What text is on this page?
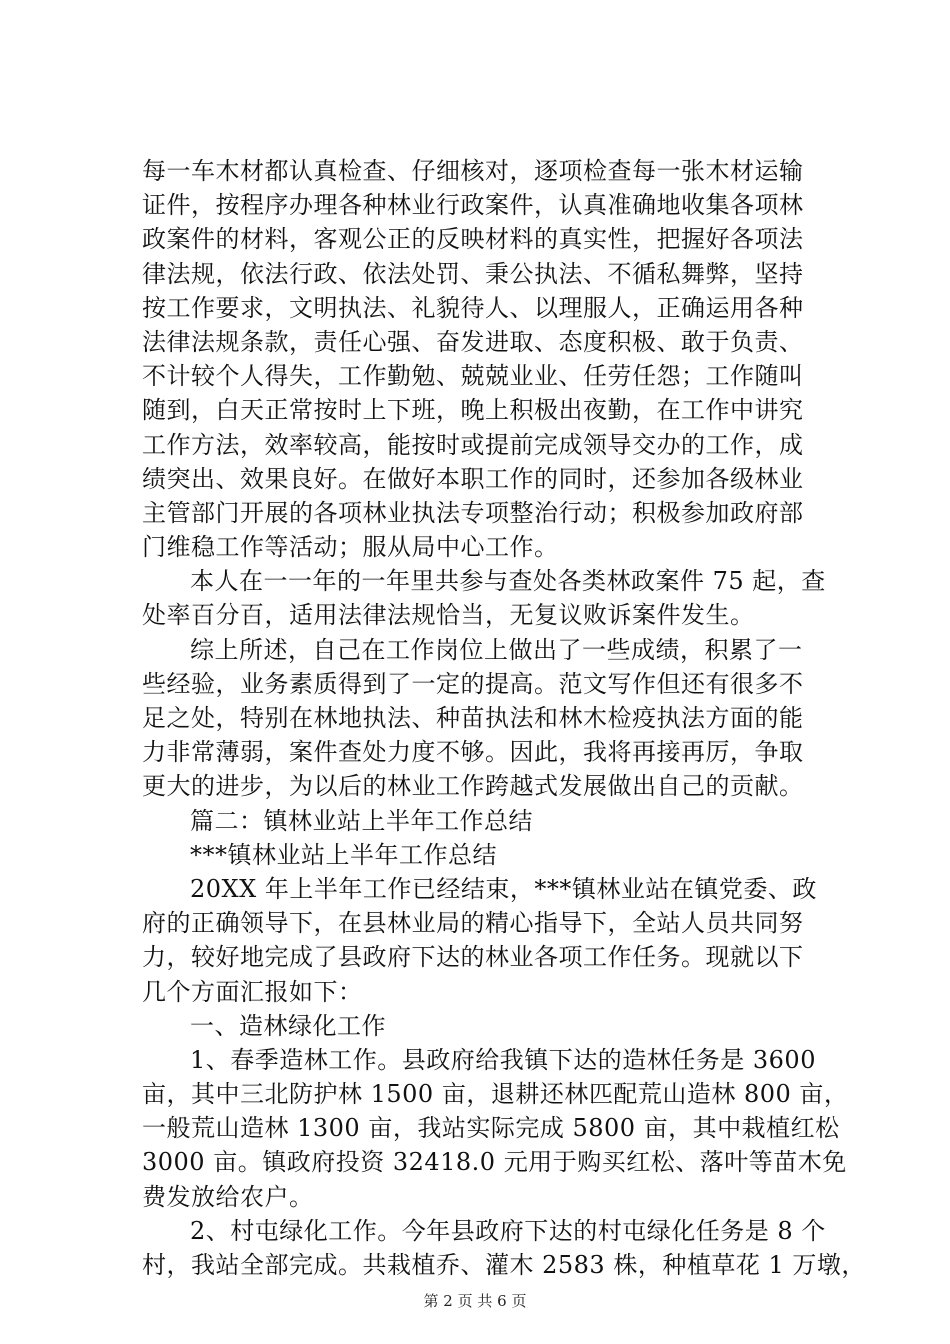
每一车木材都认真检查、仔细核对，逐项检查每一张木材运输
证件，按程序办理各种林业行政案件，认真准确地收集各项林
政案件的材料，客观公正的反映材料的真实性，把握好各项法
律法规，依法行政、依法处罚、秉公执法、不循私舞弊，坚持
按工作要求，文明执法、礼貌待人、以理服人，正确运用各种
法律法规条款，责任心强、奋发进取、态度积极、敢于负责、
不计较个人得失，工作勤勉、兢兢业业、任劳任怨；工作随叫
随到，白天正常按时上下班，晚上积极出夜勤，在工作中讲究
工作方法，效率较高，能按时或提前完成领导交办的工作，成
绩突出、效果良好。在做好本职工作的同时，还参加各级林业
主管部门开展的各项林业执法专项整治行动；积极参加政府部
门维稳工作等活动；服从局中心工作。
本人在一一年的一年里共参与查处各类林政案件 75 起，查
处率百分百，适用法律法规恰当，无复议败诉案件发生。
综上所述，自己在工作岗位上做出了一些成绩，积累了一
些经验，业务素质得到了一定的提高。范文写作但还有很多不
足之处，特别在林地执法、种苗执法和林木检疫执法方面的能
力非常薄弱，案件查处力度不够。因此，我将再接再厉，争取
更大的进步，为以后的林业工作跨越式发展做出自己的贡献。
篇二：镇林业站上半年工作总结
***镇林业站上半年工作总结
20XX 年上半年工作已经结束，***镇林业站在镇党委、政
府的正确领导下，在县林业局的精心指导下，全站人员共同努
力，较好地完成了县政府下达的林业各项工作任务。现就以下
几个方面汇报如下：
一、造林绿化工作
1、春季造林工作。县政府给我镇下达的造林任务是 3600
亩，其中三北防护林 1500 亩，退耕还林匹配荒山造林 800 亩，
一般荒山造林 1300 亩，我站实际完成 5800 亩，其中栽植红松
3000 亩。镇政府投资 32418.0 元用于购买红松、落叶等苗木免
费发放给农户。
2、村屯绿化工作。今年县政府下达的村屯绿化任务是 8 个
村，我站全部完成。共栽植乔、灌木 2583 株，种植草花 1 万墩，
第 2 页 共 6 页
